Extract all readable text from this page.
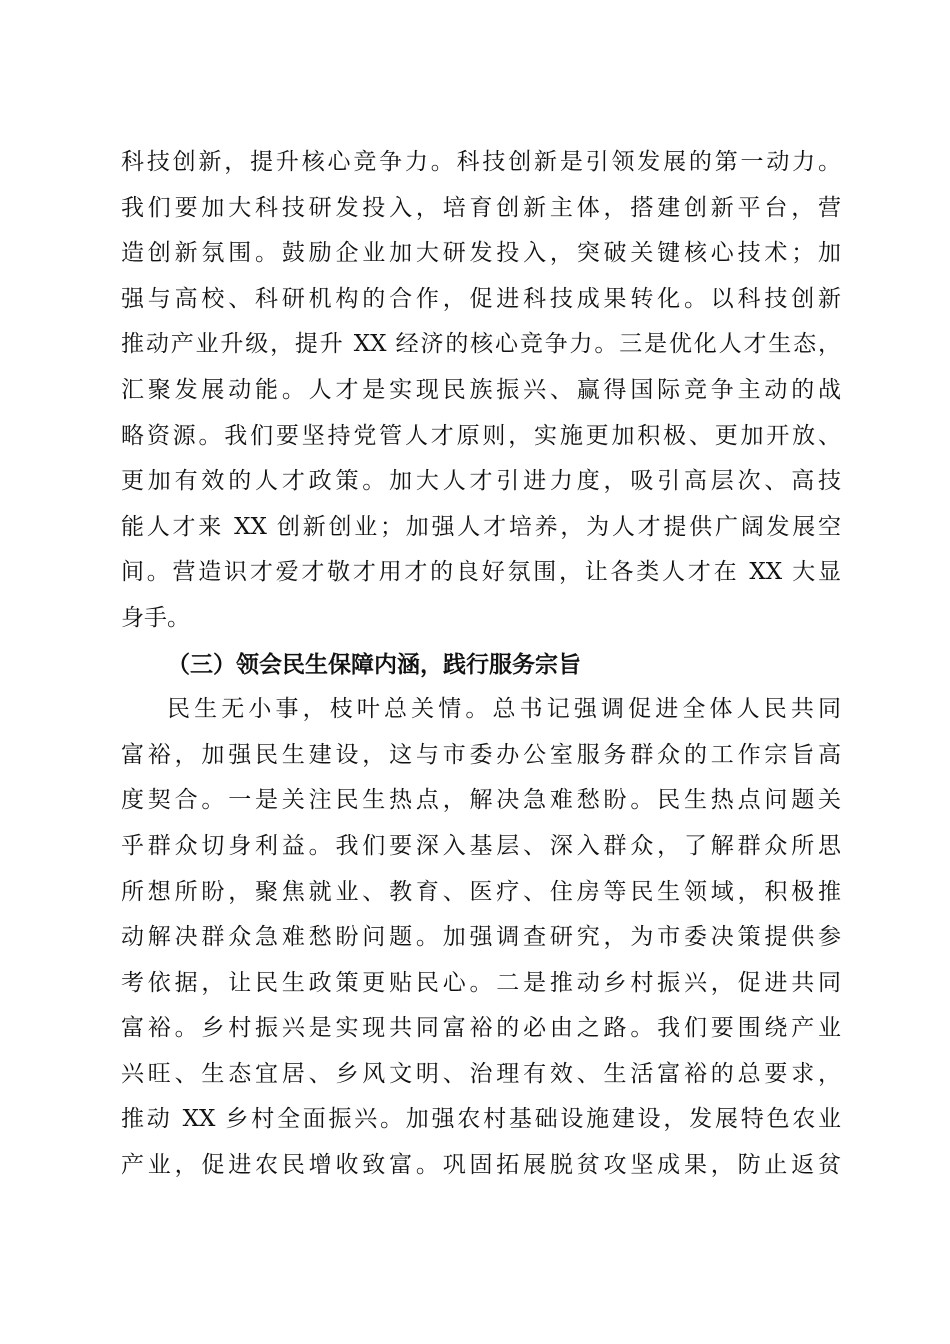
科技创新，提升核心竞争力。科技创新是引领发展的第一动力。
我们要加大科技研发投入，培育创新主体，搭建创新平台，营
造创新氛围。鼓励企业加大研发投入，突破关键核心技术；加
强与高校、科研机构的合作，促进科技成果转化。以科技创新
推动产业升级，提升 XX 经济的核心竞争力。三是优化人才生态，
汇聚发展动能。人才是实现民族振兴、赢得国际竞争主动的战
略资源。我们要坚持党管人才原则，实施更加积极、更加开放、
更加有效的人才政策。加大人才引进力度，吸引高层次、高技
能人才来 XX 创新创业；加强人才培养，为人才提供广阔发展空
间。营造识才爱才敬才用才的良好氛围，让各类人才在 XX 大显
身手。
（三）领会民生保障内涵，践行服务宗旨
民生无小事，枝叶总关情。总书记强调促进全体人民共同
富裕，加强民生建设，这与市委办公室服务群众的工作宗旨高
度契合。一是关注民生热点，解决急难愁盼。民生热点问题关
乎群众切身利益。我们要深入基层、深入群众，了解群众所思
所想所盼，聚焦就业、教育、医疗、住房等民生领域，积极推
动解决群众急难愁盼问题。加强调查研究，为市委决策提供参
考依据，让民生政策更贴民心。二是推动乡村振兴，促进共同
富裕。乡村振兴是实现共同富裕的必由之路。我们要围绕产业
兴旺、生态宜居、乡风文明、治理有效、生活富裕的总要求，
推动 XX 乡村全面振兴。加强农村基础设施建设，发展特色农业
产业，促进农民增收致富。巩固拓展脱贫攻坚成果，防止返贫
